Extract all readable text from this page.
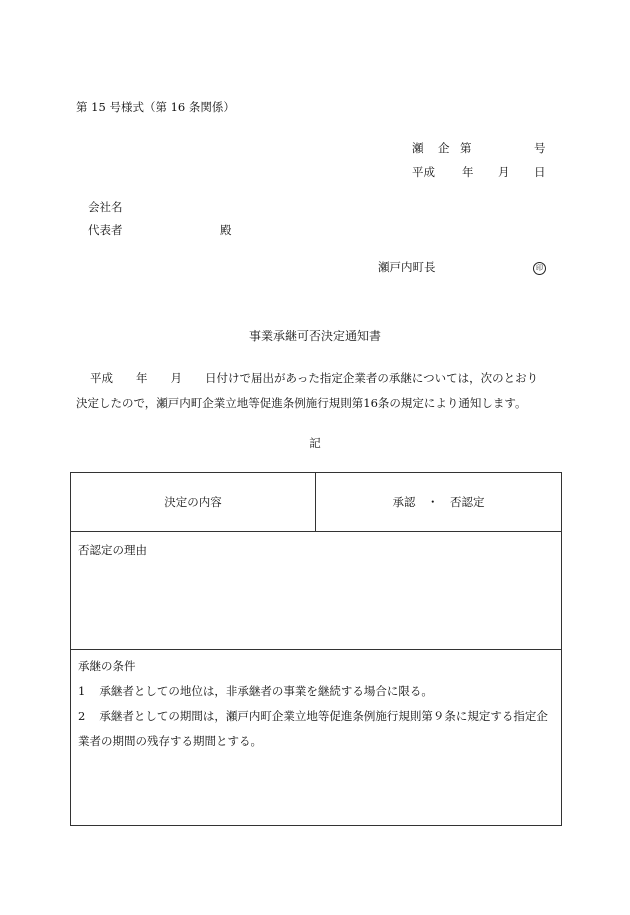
第 15 号様式（第 16 条関係）
瀬 企 第	号
平成 年 月 日
会社名
代表者	殿
瀬戸内町長	印
事業承継可否決定通知書

平成 年 月 日付けで届出があった指定企業者の承継については，次のとおり

決定したので，瀬戸内町企業立地等促進条例施行規則第16条の規定により通知します。

記
決定の内容	承認　・　否認定

否認定の理由

承継の条件
1 承継者としての地位は，非承継者の事業を継続する場合に限る。
2 承継者としての期間は，瀬戸内町企業立地等促進条例施行規則第９条に規定する指定企業者の期間の残存する期間とする。
